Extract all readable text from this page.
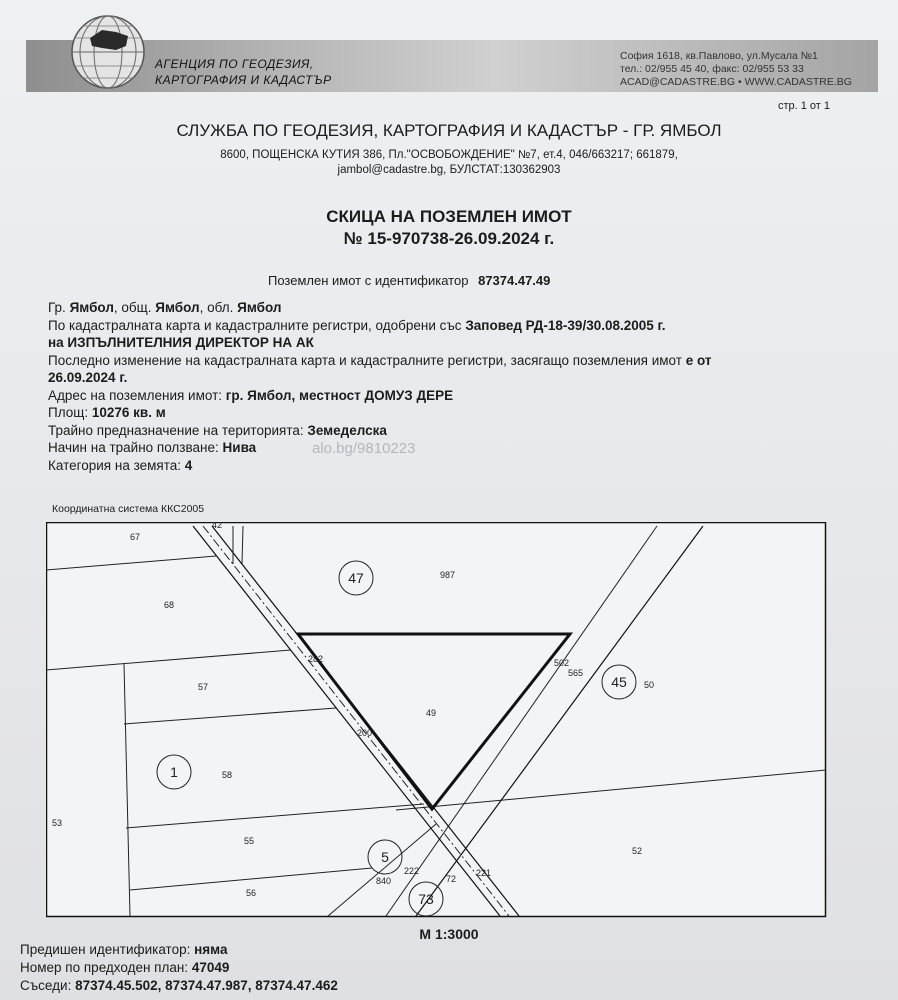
АГЕНЦИЯ ПО ГЕОДЕЗИЯ,
КАРТОГРАФИЯ И КАДАСТЪР
София 1618, кв.Павлово, ул.Мусала №1
тел.: 02/955 45 40, факс: 02/955 53 33
ACAD@CADASTRE.BG • WWW.CADASTRE.BG
стр. 1 от 1
СЛУЖБА ПО ГЕОДЕЗИЯ, КАРТОГРАФИЯ И КАДАСТЪР - ГР. ЯМБОЛ
8600, ПОЩЕНСКА КУТИЯ 386, Пл."ОСВОБОЖДЕНИЕ" №7, ет.4, 046/663217; 661879,
jambol@cadastre.bg, БУЛСТАТ:130362903
СКИЦА НА ПОЗЕМЛЕН ИМОТ
№ 15-970738-26.09.2024 г.
Поземлен имот с идентификатор 87374.47.49
Гр. Ямбол, общ. Ямбол, обл. Ямбол
По кадастралната карта и кадастралните регистри, одобрени със Заповед РД-18-39/30.08.2005 г.
на ИЗПЪЛНИТЕЛНИЯ ДИРЕКТОР НА АК
Последно изменение на кадастралната карта и кадастралните регистри, засягащо поземления имот е от
26.09.2024 г.
Адрес на поземления имот: гр. Ямбол, местност ДОМУЗ ДЕРЕ
Площ: 10276 кв. м
Трайно предназначение на територията: Земеделска
Начин на трайно ползване: Нива
Категория на земята: 4
alo.bg/9810223
Координатна система ККС2005
42
67
68
57
58
53
55
56
47	987
49
45 50
52
1
5
73
72
222
840
502
565
282
200
221
М 1:3000
Предишен идентификатор: няма
Номер по предходен план: 47049
Съседи: 87374.45.502, 87374.47.987, 87374.47.462
